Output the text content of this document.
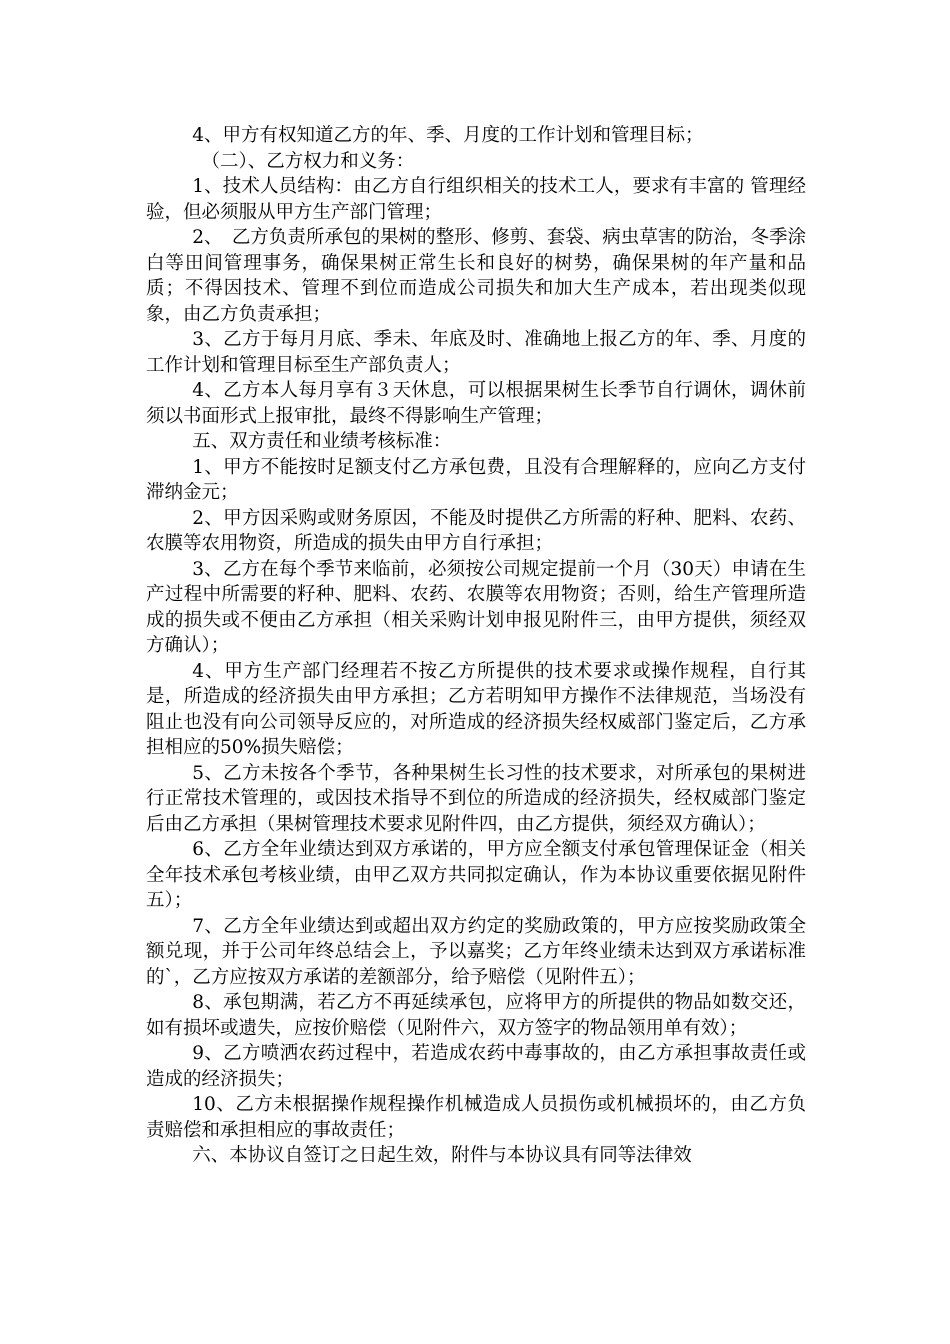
4、甲方有权知道乙方的年、季、月度的工作计划和管理目标；

（二）、乙方权力和义务：

1、技术人员结构：由乙方自行组织相关的技术工人，要求有丰富的 管理经验，但必须服从甲方生产部门管理；

2、　乙方负责所承包的果树的整形、修剪、套袋、病虫草害的防治，冬季涂白等田间管理事务，确保果树正常生长和良好的树势，确保果树的年产量和品质；不得因技术、管理不到位而造成公司损失和加大生产成本，若出现类似现象，由乙方负责承担；

3、乙方于每月月底、季未、年底及时、准确地上报乙方的年、季、月度的工作计划和管理目标至生产部负责人；

4、乙方本人每月享有３天休息，可以根据果树生长季节自行调休，调休前须以书面形式上报审批，最终不得影响生产管理；

五、双方责任和业绩考核标准：

1、甲方不能按时足额支付乙方承包费，且没有合理解释的，应向乙方支付滞纳金元；

2、甲方因采购或财务原因，不能及时提供乙方所需的籽种、肥料、农药、农膜等农用物资，所造成的损失由甲方自行承担；

3、乙方在每个季节来临前，必须按公司规定提前一个月（30天）申请在生产过程中所需要的籽种、肥料、农药、农膜等农用物资；否则，给生产管理所造成的损失或不便由乙方承担（相关采购计划申报见附件三，由甲方提供，须经双方确认）；

4、甲方生产部门经理若不按乙方所提供的技术要求或操作规程，自行其是，所造成的经济损失由甲方承担；乙方若明知甲方操作不法律规范，当场没有阻止也没有向公司领导反应的，对所造成的经济损失经权威部门鉴定后，乙方承担相应的50%损失赔偿；

5、乙方未按各个季节，各种果树生长习性的技术要求，对所承包的果树进行正常技术管理的，或因技术指导不到位的所造成的经济损失，经权威部门鉴定后由乙方承担（果树管理技术要求见附件四，由乙方提供，须经双方确认）；

6、乙方全年业绩达到双方承诺的，甲方应全额支付承包管理保证金（相关全年技术承包考核业绩，由甲乙双方共同拟定确认，作为本协议重要依据见附件五）；

7、乙方全年业绩达到或超出双方约定的奖励政策的，甲方应按奖励政策全额兑现，并于公司年终总结会上，予以嘉奖；乙方年终业绩未达到双方承诺标准的`，乙方应按双方承诺的差额部分，给予赔偿（见附件五）；

8、承包期满，若乙方不再延续承包，应将甲方的所提供的物品如数交还，如有损坏或遗失，应按价赔偿（见附件六，双方签字的物品领用单有效）；

9、乙方喷洒农药过程中，若造成农药中毒事故的，由乙方承担事故责任或造成的经济损失；

10、乙方未根据操作规程操作机械造成人员损伤或机械损坏的，由乙方负责赔偿和承担相应的事故责任；

六、本协议自签订之日起生效，附件与本协议具有同等法律效
